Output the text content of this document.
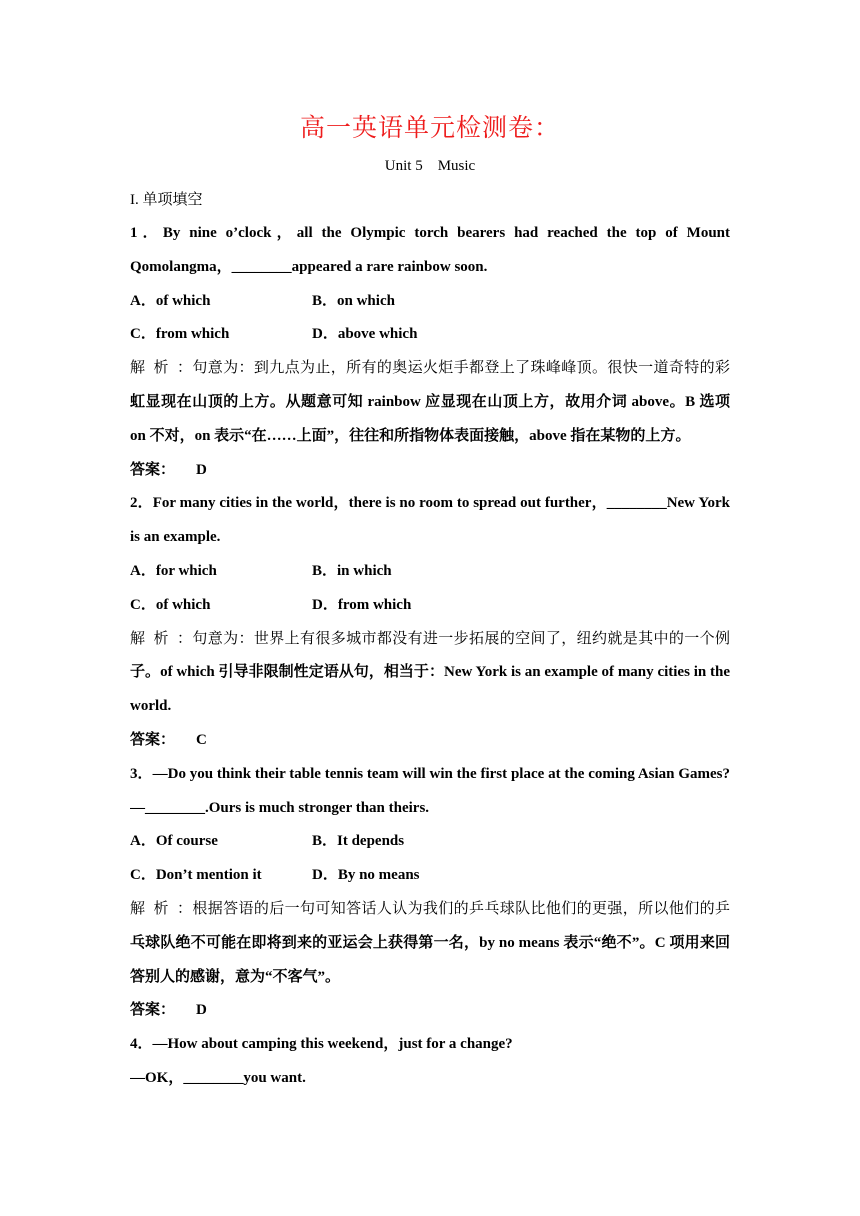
高一英语单元检测卷：
Unit 5　Music
I. 单项填空
1．By nine o’clock，all the Olympic torch bearers had reached the top of Mount
Qomolangma，________appeared a rare rainbow soon.
A．of which	B．on which
C．from which	D．above which
解析：句意为：到九点为止，所有的奥运火炬手都登上了珠峰峰顶。很快一道奇特的彩
虹显现在山顶的上方。从题意可知 rainbow 应显现在山顶上方，故用介词 above。B 选项
on 不对，on 表示“在……上面”，往往和所指物体表面接触，above 指在某物的上方。
答案： D
2．For many cities in the world，there is no room to spread out further，________New York
is an example.
A．for which	B．in which
C．of which	D．from which
解析：句意为：世界上有很多城市都没有进一步拓展的空间了，纽约就是其中的一个例
子。of which 引导非限制性定语从句，相当于：New York is an example of many cities in the
world.
答案： C
3．—Do you think their table tennis team will win the first place at the coming Asian Games?
—________.Ours is much stronger than theirs.
A．Of course	B．It depends
C．Don’t mention it	D．By no means
解析：根据答语的后一句可知答话人认为我们的乒乓球队比他们的更强，所以他们的乒
乓球队绝不可能在即将到来的亚运会上获得第一名，by no means 表示“绝不”。C 项用来回
答别人的感谢，意为“不客气”。
答案： D
4．—How about camping this weekend，just for a change?
—OK，________you want.
